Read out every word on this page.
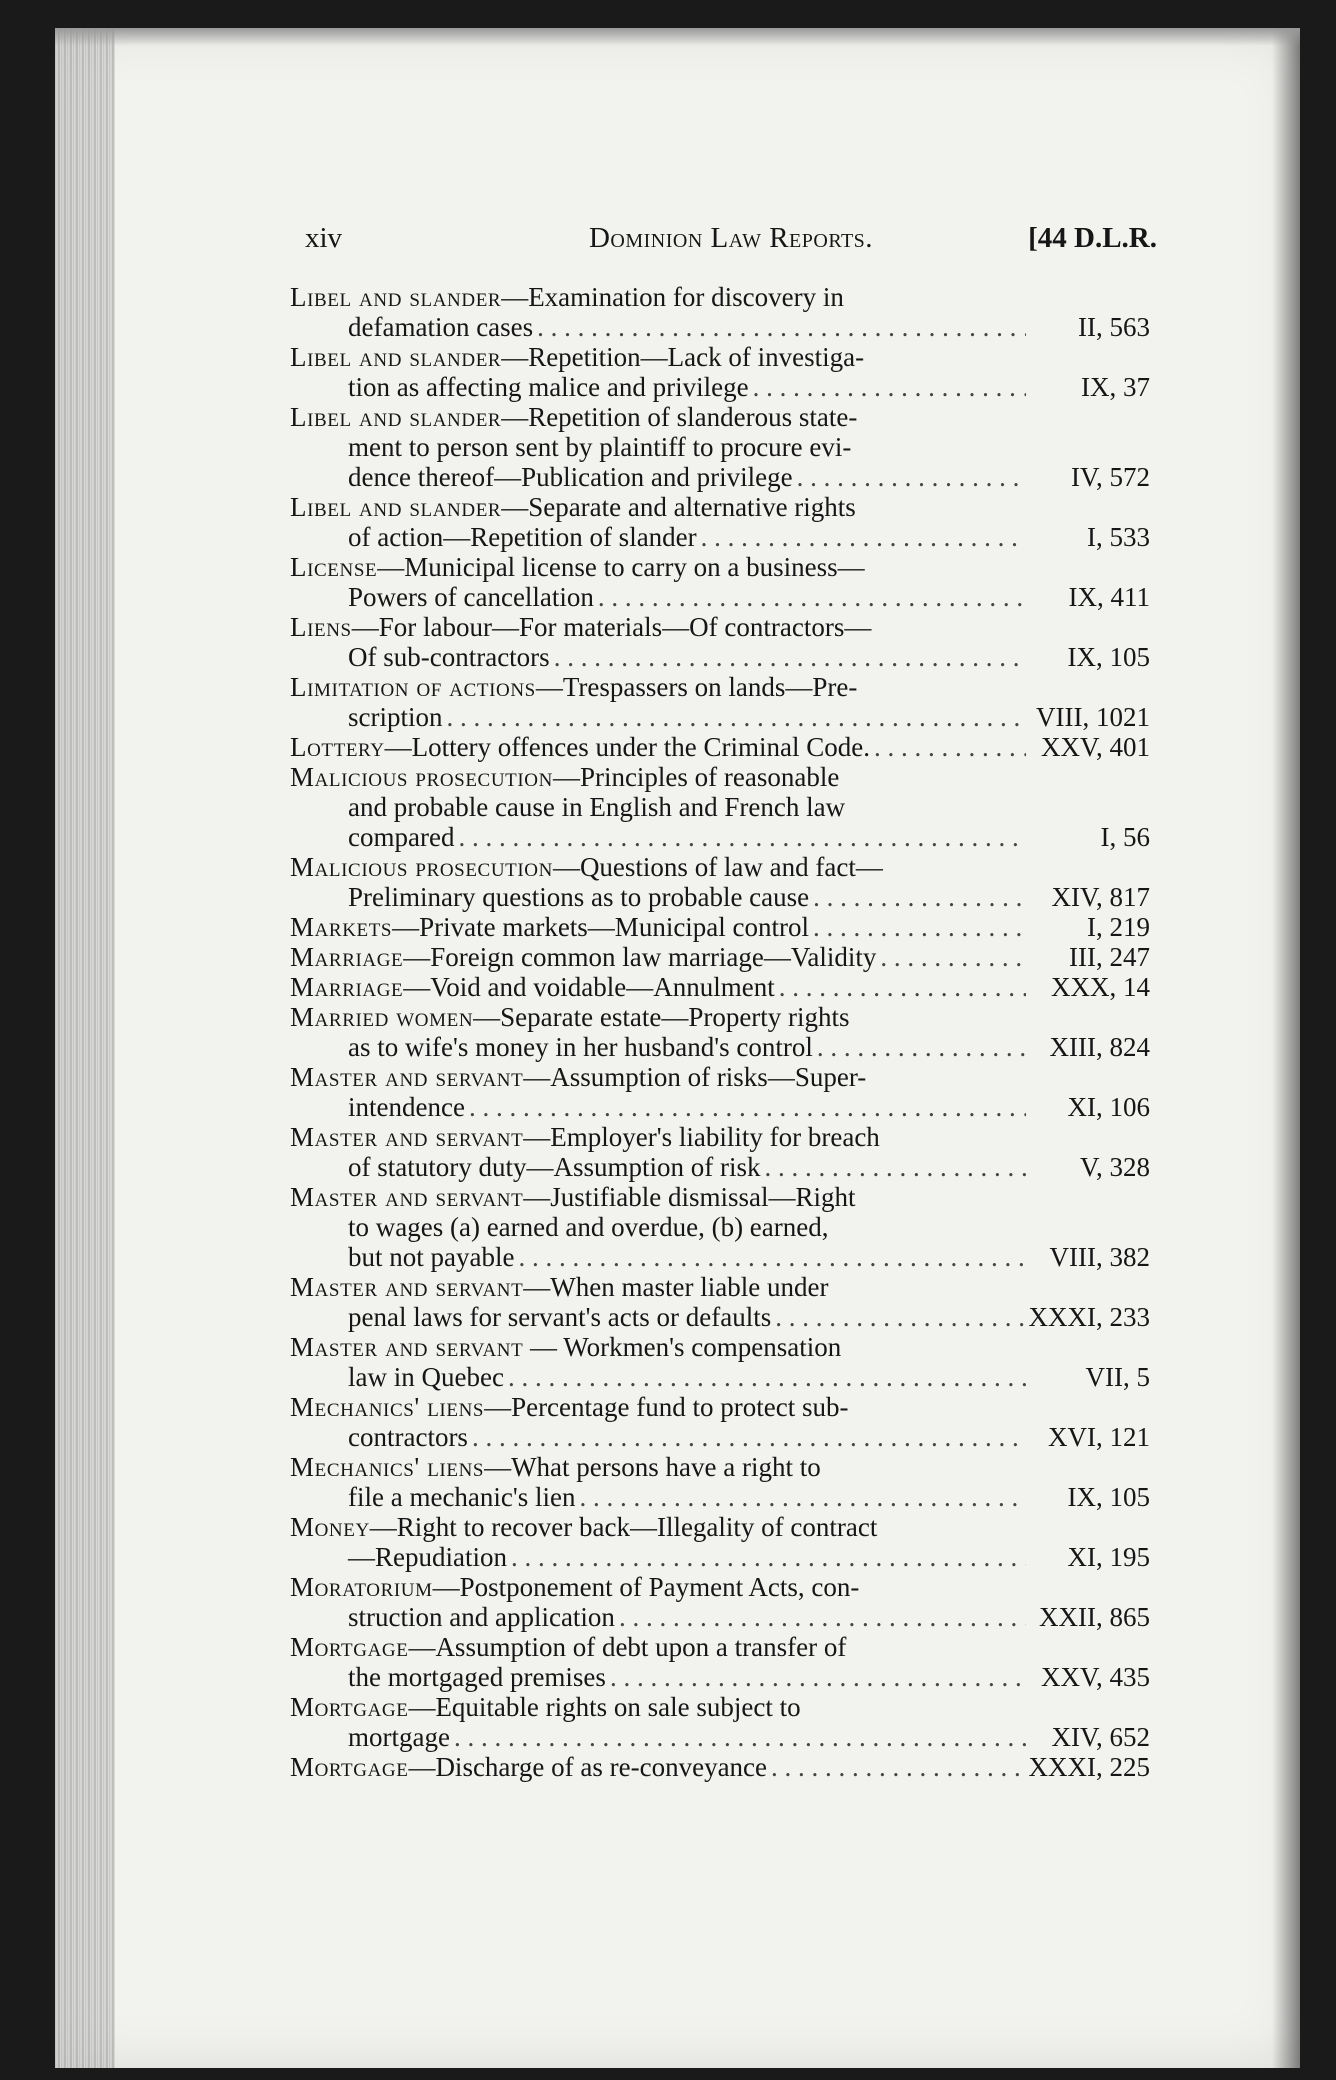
xiv	Dominion Law Reports.	[44 D.L.R.
Libel and slander—Examination for discovery in
defamation cases . . .	II, 563
Libel and slander—Repetition—Lack of investiga-
tion as affecting malice and privilege . . .	IX, 37
Libel and slander—Repetition of slanderous state-
ment to person sent by plaintiff to procure evi-
dence thereof—Publication and privilege . . .	IV, 572
Libel and slander—Separate and alternative rights
of action—Repetition of slander . . .	I, 533
License—Municipal license to carry on a business—
Powers of cancellation . . .	IX, 411
Liens—For labour—For materials—Of contractors—
Of sub-contractors . . .	IX, 105
Limitation of actions—Trespassers on lands—Pre-
scription . . .	VIII, 1021
Lottery—Lottery offences under the Criminal Code. . . .	XXV, 401
Malicious prosecution—Principles of reasonable
and probable cause in English and French law
compared . . .	I, 56
Malicious prosecution—Questions of law and fact—
Preliminary questions as to probable cause . . .	XIV, 817
Markets—Private markets—Municipal control . . .	I, 219
Marriage—Foreign common law marriage—Validity . . .	III, 247
Marriage—Void and voidable—Annulment . . .	XXX, 14
Married women—Separate estate—Property rights
as to wife's money in her husband's control . . .	XIII, 824
Master and servant—Assumption of risks—Super-
intendence . . .	XI, 106
Master and servant—Employer's liability for breach
of statutory duty—Assumption of risk . . .	V, 328
Master and servant—Justifiable dismissal—Right
to wages (a) earned and overdue, (b) earned,
but not payable . . .	VIII, 382
Master and servant—When master liable under
penal laws for servant's acts or defaults . . .	XXXI, 233
Master and servant — Workmen's compensation
law in Quebec . . .	VII, 5
Mechanics' liens—Percentage fund to protect sub-
contractors . . .	XVI, 121
Mechanics' liens—What persons have a right to
file a mechanic's lien . . .	IX, 105
Money—Right to recover back—Illegality of contract
—Repudiation . . .	XI, 195
Moratorium—Postponement of Payment Acts, con-
struction and application . . .	XXII, 865
Mortgage—Assumption of debt upon a transfer of
the mortgaged premises . . .	XXV, 435
Mortgage—Equitable rights on sale subject to
mortgage . . .	XIV, 652
Mortgage—Discharge of as re-conveyance . . .	XXXI, 225
